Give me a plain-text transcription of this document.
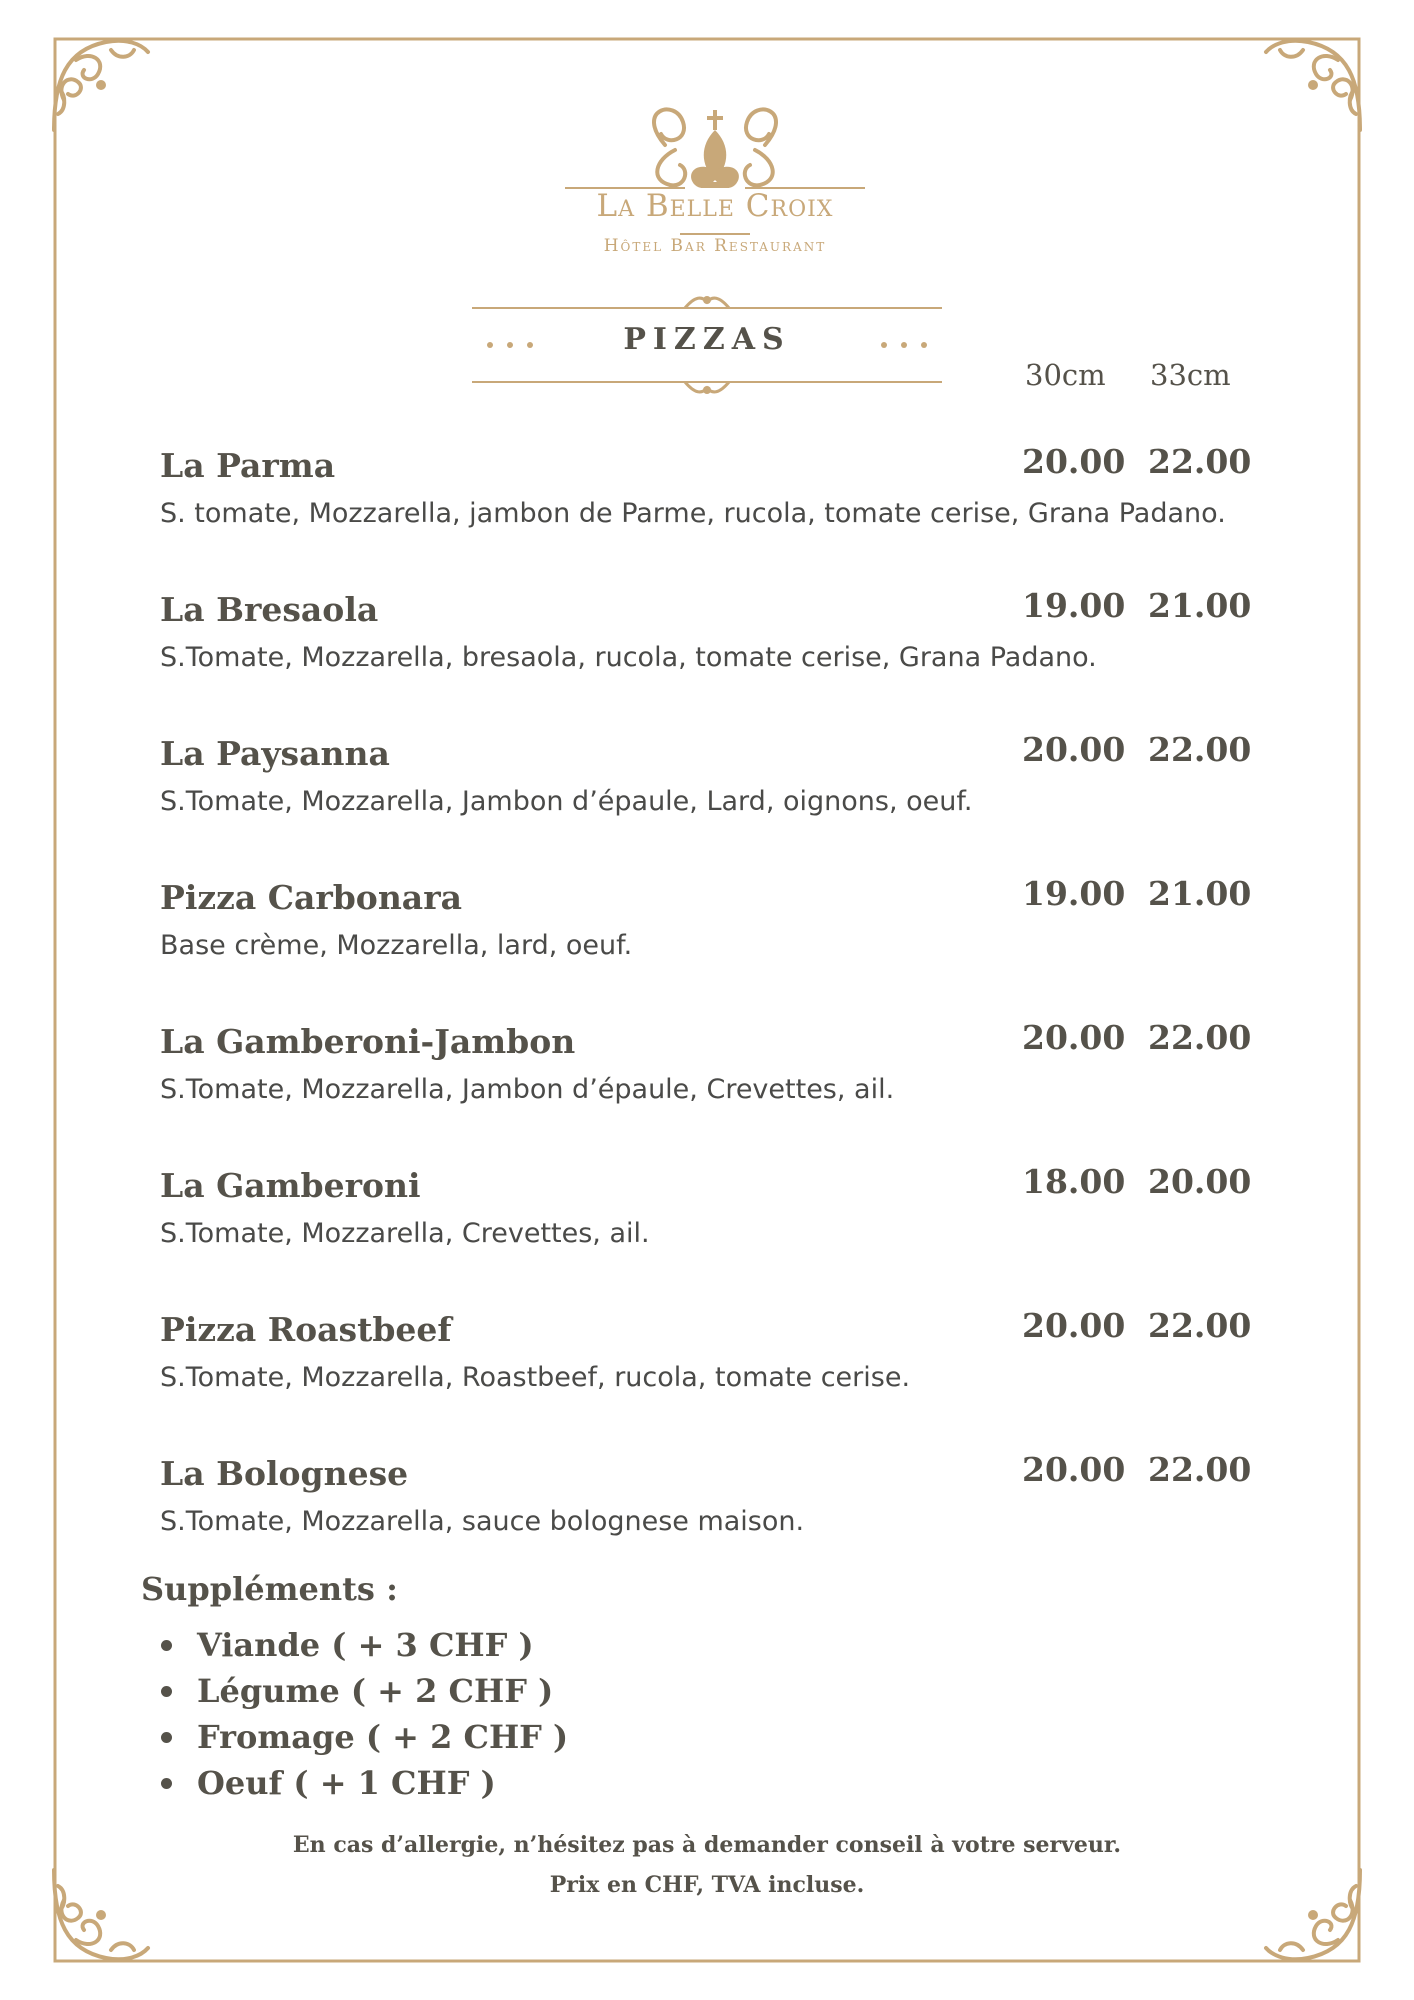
La Belle Croix

Hôtel Bar Restaurant

PIZZAS
30cm 33cm
La Parma	20.00 22.00

S. tomate, Mozzarella, jambon de Parme, rucola, tomate cerise, Grana Padano.

La Bresaola	19.00 21.00

S.Tomate, Mozzarella, bresaola, rucola, tomate cerise, Grana Padano.

La Paysanna	20.00 22.00

S.Tomate, Mozzarella, Jambon d’épaule, Lard, oignons, oeuf.

Pizza Carbonara	19.00 21.00

Base crème, Mozzarella, lard, oeuf.

La Gamberoni-Jambon	20.00 22.00

S.Tomate, Mozzarella, Jambon d’épaule, Crevettes, ail.

La Gamberoni	18.00 20.00

S.Tomate, Mozzarella, Crevettes, ail.

Pizza Roastbeef	20.00 22.00

S.Tomate, Mozzarella, Roastbeef, rucola, tomate cerise.

La Bolognese	20.00 22.00

S.Tomate, Mozzarella, sauce bolognese maison.

Suppléments :
Viande ( + 3 CHF )
Légume ( + 2 CHF )
Fromage ( + 2 CHF )
Oeuf ( + 1 CHF )

En cas d’allergie, n’hésitez pas à demander conseil à votre serveur.

Prix en CHF, TVA incluse.
